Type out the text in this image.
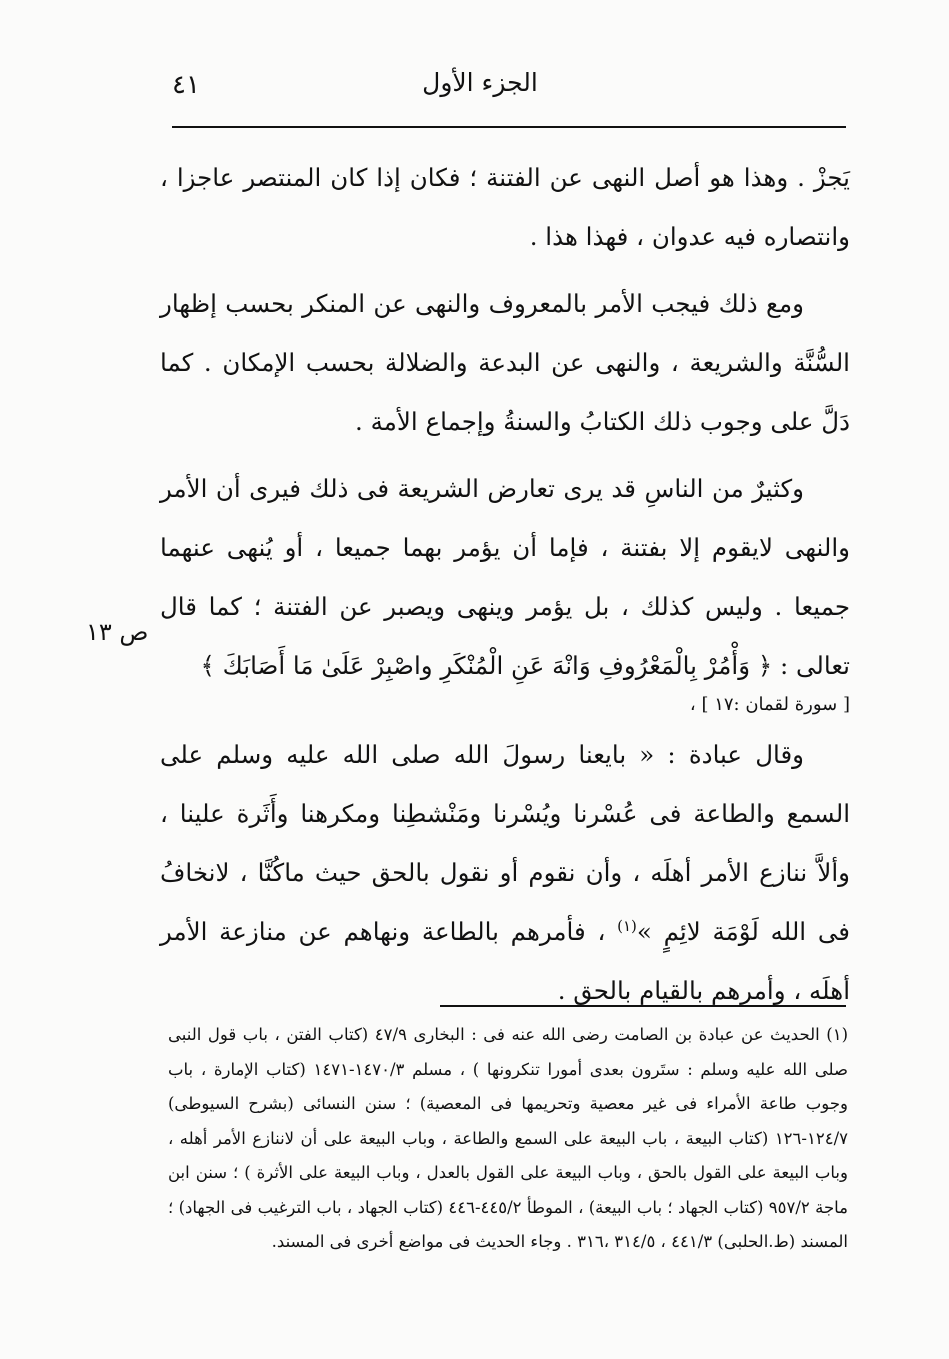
٤١	الجزء الأول

يَجزْ . وهذا هو أصل النهى عن الفتنة ؛ فكان إذا كان المنتصر عاجزا ، وانتصاره فيه عدوان ، فهذا هذا .

ومع ذلك فيجب الأمر بالمعروف والنهى عن المنكر بحسب إظهار السُّنَّة والشريعة ، والنهى عن البدعة والضلالة بحسب الإمكان . كما دَلَّ على وجوب ذلك الكتابُ والسنةُ وإجماع الأمة .

وكثيرٌ من الناسِ قد يرى تعارض الشريعة فى ذلك فيرى أن الأمر والنهى لايقوم إلا بفتنة ، فإما أن يؤمر بهما جميعا ، أو يُنهى عنهما جميعا . وليس كذلك ، بل يؤمر وينهى ويصبر عن الفتنة ؛ كما قال تعالى : ﴿ وَأْمُرْ بِالْمَعْرُوفِ وَانْهَ عَنِ الْمُنْكَرِ واصْبِرْ عَلَىٰ مَا أَصَابَكَ ﴾

[ سورة لقمان :١٧ ] ،

وقال عبادة : « بايعنا رسولَ الله صلى الله عليه وسلم على السمع والطاعة فى عُسْرنا ويُسْرنا ومَنْشطِنا ومكرهنا وأَثَرة علينا ، وألاَّ ننازع الأمر أهلَه ، وأن نقوم أو نقول بالحق حيث ماكُنَّا ، لانخافُ فى الله لَوْمَة لائِمٍ »$^{(١)}$ ، فأمرهم بالطاعة ونهاهم عن منازعة الأمر أهلَه ، وأمرهم بالقيام بالحق .

ص ١٣
(١) الحديث عن عبادة بن الصامت رضى الله عنه فى : البخارى ٤٧/٩ (كتاب الفتن ، باب قول النبى صلى الله عليه وسلم : ستَرون بعدى أمورا تنكرونها ) ، مسلم ١٤٧٠/٣-١٤٧١ (كتاب الإمارة ، باب وجوب طاعة الأمراء فى غير معصية وتحريمها فى المعصية) ؛ سنن النسائى (بشرح السيوطى) ١٢٤/٧-١٢٦ (كتاب البيعة ، باب البيعة على السمع والطاعة ، وباب البيعة على أن لاننازع الأمر أهله ، وباب البيعة على القول بالحق ، وباب البيعة على القول بالعدل ، وباب البيعة على الأثرة ) ؛ سنن ابن ماجة ٩٥٧/٢ (كتاب الجهاد ؛ باب البيعة) ، الموطأ ٤٤٥/٢-٤٤٦ (كتاب الجهاد ، باب الترغيب فى الجهاد) ؛ المسند (ط.الحلبى) ٤٤١/٣ ، ٣١٤/٥ ،٣١٦ . وجاء الحديث فى مواضع أخرى فى المسند.
